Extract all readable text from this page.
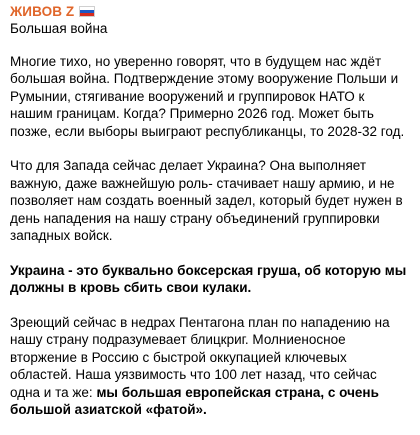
ЖИВОВ Z
Большая война

Многие тихо, но уверенно говорят, что в будущем нас ждёт большая война. Подтверждение этому вооружение Польши и Румынии, стягивание вооружений и группировок НАТО к нашим границам. Когда? Примерно 2026 год. Может быть позже, если выборы выиграют республиканцы, то 2028-32 год.

Что для Запада сейчас делает Украина? Она выполняет важную, даже важнейшую роль- стачивает нашу армию, и не позволяет нам создать военный задел, который будет нужен в день нападения на нашу страну объединений группировки западных войск.

Украина - это буквально боксерская груша, об которую мы должны в кровь сбить свои кулаки.

Зреющий сейчас в недрах Пентагона план по нападению на нашу страну подразумевает блицкриг. Молниеносное вторжение в Россию с быстрой оккупацией ключевых областей. Наша уязвимость что 100 лет назад, что сейчас одна и та же: мы большая европейская страна, с очень большой азиатской «фатой».
